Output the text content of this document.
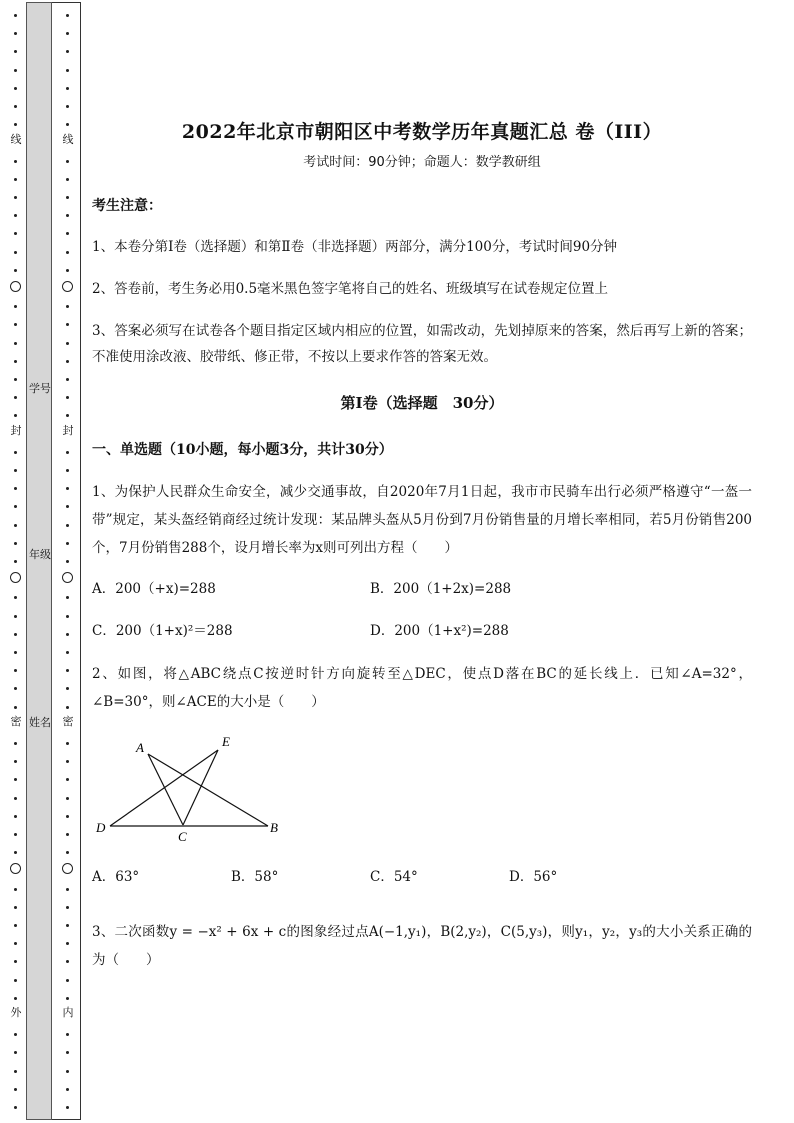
线
封
密
外
学号
年级
姓名
线
封
密
内
2022年北京市朝阳区中考数学历年真题汇总 卷（III）
考试时间：90分钟；命题人：数学教研组
考生注意：
1、本卷分第I卷（选择题）和第Ⅱ卷（非选择题）两部分，满分100分，考试时间90分钟
2、答卷前，考生务必用0.5毫米黑色签字笔将自己的姓名、班级填写在试卷规定位置上
3、答案必须写在试卷各个题目指定区域内相应的位置，如需改动，先划掉原来的答案，然后再写上新的答案；不准使用涂改液、胶带纸、修正带，不按以上要求作答的答案无效。
第I卷（选择题　30分）
一、单选题（10小题，每小题3分，共计30分）
1、为保护人民群众生命安全，减少交通事故，自2020年7月1日起，我市市民骑车出行必须严格遵守“一盔一带”规定，某头盔经销商经过统计发现：某品牌头盔从5月份到7月份销售量的月增长率相同，若5月份销售200个，7月份销售288个，设月增长率为x则可列出方程（　　）
A．200（+x)=288	B．200（1+2x)=288
C．200（1+x)²＝288	D．200（1+x²)=288
2、如图，将△ABC绕点C按逆时针方向旋转至△DEC，使点D落在BC的延长线上．已知∠A=32°，∠B=30°，则∠ACE的大小是（　　）
A	E
D
C
B
A．63°	B．58°	C．54°	D．56°
3、二次函数y = −x² + 6x + c的图象经过点A(−1,y₁)，B(2,y₂)，C(5,y₃)，则y₁，y₂，y₃的大小关系正确的为（　　）
